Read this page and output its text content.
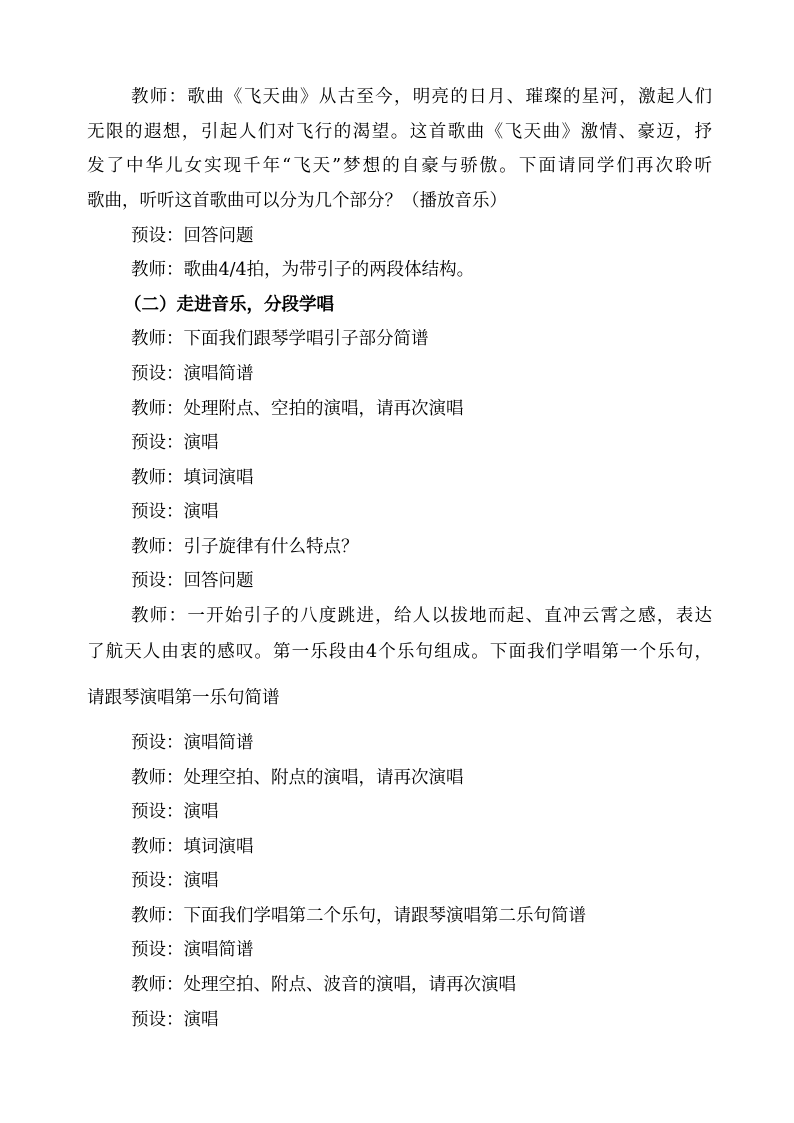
教师：歌曲《飞天曲》从古至今，明亮的日月、璀璨的星河，激起人们

无限的遐想，引起人们对飞行的渴望。这首歌曲《飞天曲》激情、豪迈，抒

发了中华儿女实现千年“飞天”梦想的自豪与骄傲。下面请同学们再次聆听

歌曲，听听这首歌曲可以分为几个部分？（播放音乐）

预设：回答问题

教师：歌曲4/4拍，为带引子的两段体结构。

（二）走进音乐，分段学唱

教师：下面我们跟琴学唱引子部分简谱

预设：演唱简谱

教师：处理附点、空拍的演唱，请再次演唱

预设：演唱

教师：填词演唱

预设：演唱

教师：引子旋律有什么特点？

预设：回答问题

教师：一开始引子的八度跳进，给人以拔地而起、直冲云霄之感，表达

了航天人由衷的感叹。第一乐段由4个乐句组成。下面我们学唱第一个乐句，

请跟琴演唱第一乐句简谱

预设：演唱简谱

教师：处理空拍、附点的演唱，请再次演唱

预设：演唱

教师：填词演唱

预设：演唱

教师：下面我们学唱第二个乐句，请跟琴演唱第二乐句简谱

预设：演唱简谱

教师：处理空拍、附点、波音的演唱，请再次演唱

预设：演唱
